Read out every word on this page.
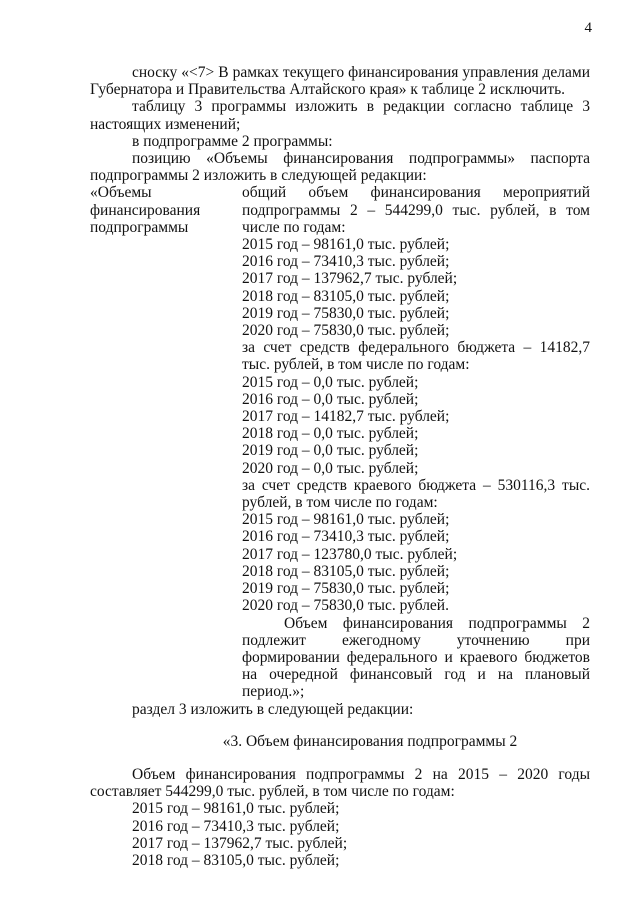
4

сноску «<7> В рамках текущего финансирования управления делами Губернатора и Правительства Алтайского края» к таблице 2 исключить.

таблицу 3 программы изложить в редакции согласно таблице 3 настоящих изменений;

в подпрограмме 2 программы:

позицию «Объемы финансирования подпрограммы» паспорта подпрограммы 2 изложить в следующей редакции:

«Объемы финансирования подпрограммы

общий объем финансирования мероприятий подпрограммы 2 – 544299,0 тыс. рублей, в том числе по годам:

2015 год – 98161,0 тыс. рублей;

2016 год – 73410,3 тыс. рублей;

2017 год – 137962,7 тыс. рублей;

2018 год – 83105,0 тыс. рублей;

2019 год – 75830,0 тыс. рублей;

2020 год – 75830,0 тыс. рублей;

за счет средств федерального бюджета – 14182,7 тыс. рублей, в том числе по годам:

2015 год – 0,0 тыс. рублей;

2016 год – 0,0 тыс. рублей;

2017 год – 14182,7 тыс. рублей;

2018 год – 0,0 тыс. рублей;

2019 год – 0,0 тыс. рублей;

2020 год – 0,0 тыс. рублей;

за счет средств краевого бюджета – 530116,3 тыс. рублей, в том числе по годам:

2015 год – 98161,0 тыс. рублей;

2016 год – 73410,3 тыс. рублей;

2017 год – 123780,0 тыс. рублей;

2018 год – 83105,0 тыс. рублей;

2019 год – 75830,0 тыс. рублей;

2020 год – 75830,0 тыс. рублей.

Объем финансирования подпрограммы 2 подлежит ежегодному уточнению при формировании федерального и краевого бюджетов на очередной финансовый год и на плановый период.»;

раздел 3 изложить в следующей редакции:

«3. Объем финансирования подпрограммы 2

Объем финансирования подпрограммы 2 на 2015 – 2020 годы составляет 544299,0 тыс. рублей, в том числе по годам:

2015 год – 98161,0 тыс. рублей;

2016 год – 73410,3 тыс. рублей;

2017 год – 137962,7 тыс. рублей;

2018 год – 83105,0 тыс. рублей;
